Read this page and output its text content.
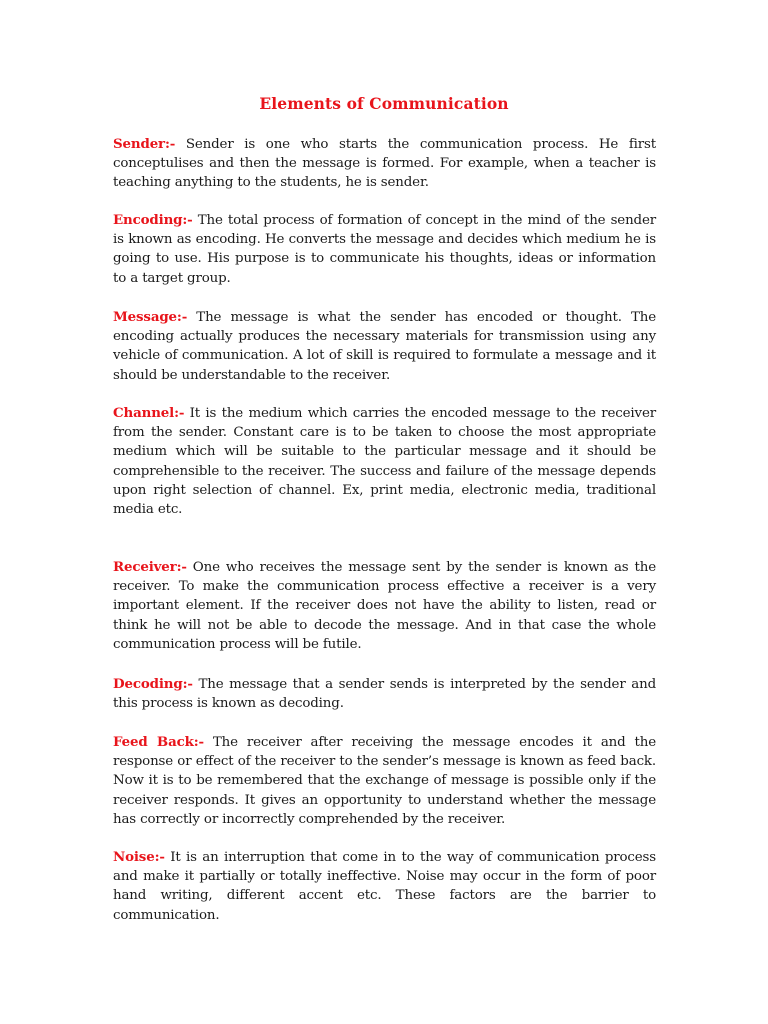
Elements of Communication

Sender:- Sender is one who starts the communication process. He first conceptulises and then the message is formed. For example, when a teacher is teaching anything to the students, he is sender.

Encoding:- The total process of formation of concept in the mind of the sender is known as encoding. He converts the message and decides which medium he is going to use. His purpose is to communicate his thoughts, ideas or information to a target group.

Message:- The message is what the sender has encoded or thought. The encoding actually produces the necessary materials for transmission using any vehicle of communication. A lot of skill is required to formulate a message and it should be understandable to the receiver.

Channel:- It is the medium which carries the encoded message to the receiver from the sender. Constant care is to be taken to choose the most appropriate medium which will be suitable to the particular message and it should be comprehensible to the receiver. The success and failure of the message depends upon right selection of channel. Ex, print media, electronic media, traditional media etc.

Receiver:- One who receives the message sent by the sender is known as the receiver. To make the communication process effective a receiver is a very important element. If the receiver does not have the ability to listen, read or think he will not be able to decode the message. And in that case the whole communication process will be futile.

Decoding:- The message that a sender sends is interpreted by the sender and this process is known as decoding.

Feed Back:- The receiver after receiving the message encodes it and the response or effect of the receiver to the sender’s message is known as feed back. Now it is to be remembered that the exchange of message is possible only if the receiver responds. It gives an opportunity to understand whether the message has correctly or incorrectly comprehended by the receiver.

Noise:- It is an interruption that come in to the way of communication process and make it partially or totally ineffective. Noise may occur in the form of poor hand writing, different accent etc. These factors are the barrier to communication.
